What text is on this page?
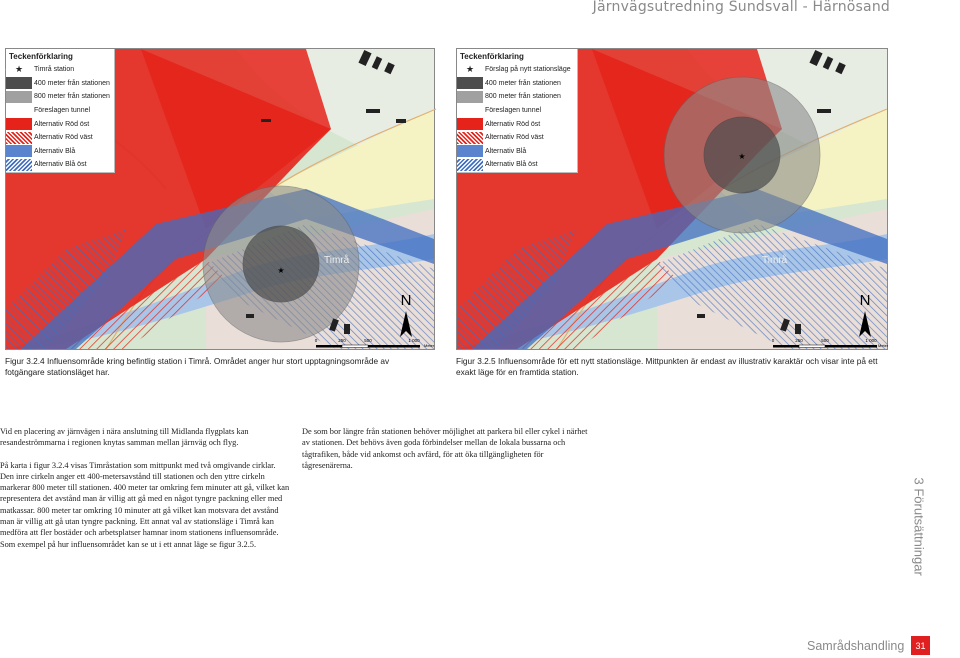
Järnvägsutredning Sundsvall - Härnösand
★
Timrå
N
0	250	500	1 000
Meter
Teckenförklaring
★	Timrå station
400 meter från stationen
800 meter från stationen
Föreslagen tunnel
Alternativ Röd öst
Alternativ Röd väst
Alternativ Blå
Alternativ Blå öst
★
Timrå
N
0	250	500	1 000
Meter
Teckenförklaring
★	Förslag på nytt stationsläge
400 meter från stationen
800 meter från stationen
Föreslagen tunnel
Alternativ Röd öst
Alternativ Röd väst
Alternativ Blå
Alternativ Blå öst
Figur 3.2.4 Influensområde kring befintlig station i Timrå. Området anger hur stort upptagningsområde av fotgängare stationsläget har.
Figur 3.2.5 Influensområde för ett nytt stationsläge. Mittpunkten är endast av illustrativ karaktär och visar inte på ett exakt läge för en framtida station.

Vid en placering av järnvägen i nära anslutning till Midlanda flygplats kan resandeströmmarna i regionen knytas samman mellan järnväg och flyg.

På karta i figur 3.2.4 visas Timråstation som mittpunkt med två omgivande cirklar. Den inre cirkeln anger ett 400-metersavstånd till stationen och den yttre cirkeln markerar 800 meter till stationen. 400 meter tar omkring fem minuter att gå, vilket kan representera det avstånd man är villig att gå med en något tyngre packning eller med matkassar. 800 meter tar omkring 10 minuter att gå vilket kan motsvara det avstånd man är villig att gå utan tyngre packning. Ett annat val av stationsläge i Timrå kan medföra att fler bostäder och arbetsplatser hamnar inom stationens influensområde. Som exempel på hur influensområdet kan se ut i ett annat läge se figur 3.2.5.

De som bor längre från stationen behöver möjlighet att parkera bil eller cykel i närhet av stationen. Det behövs även goda förbindelser mellan de lokala bussarna och tågtrafiken, både vid ankomst och avfärd, för att öka tillgängligheten för tågresenärerna.

3 Förutsättningar
Samrådshandling	31
